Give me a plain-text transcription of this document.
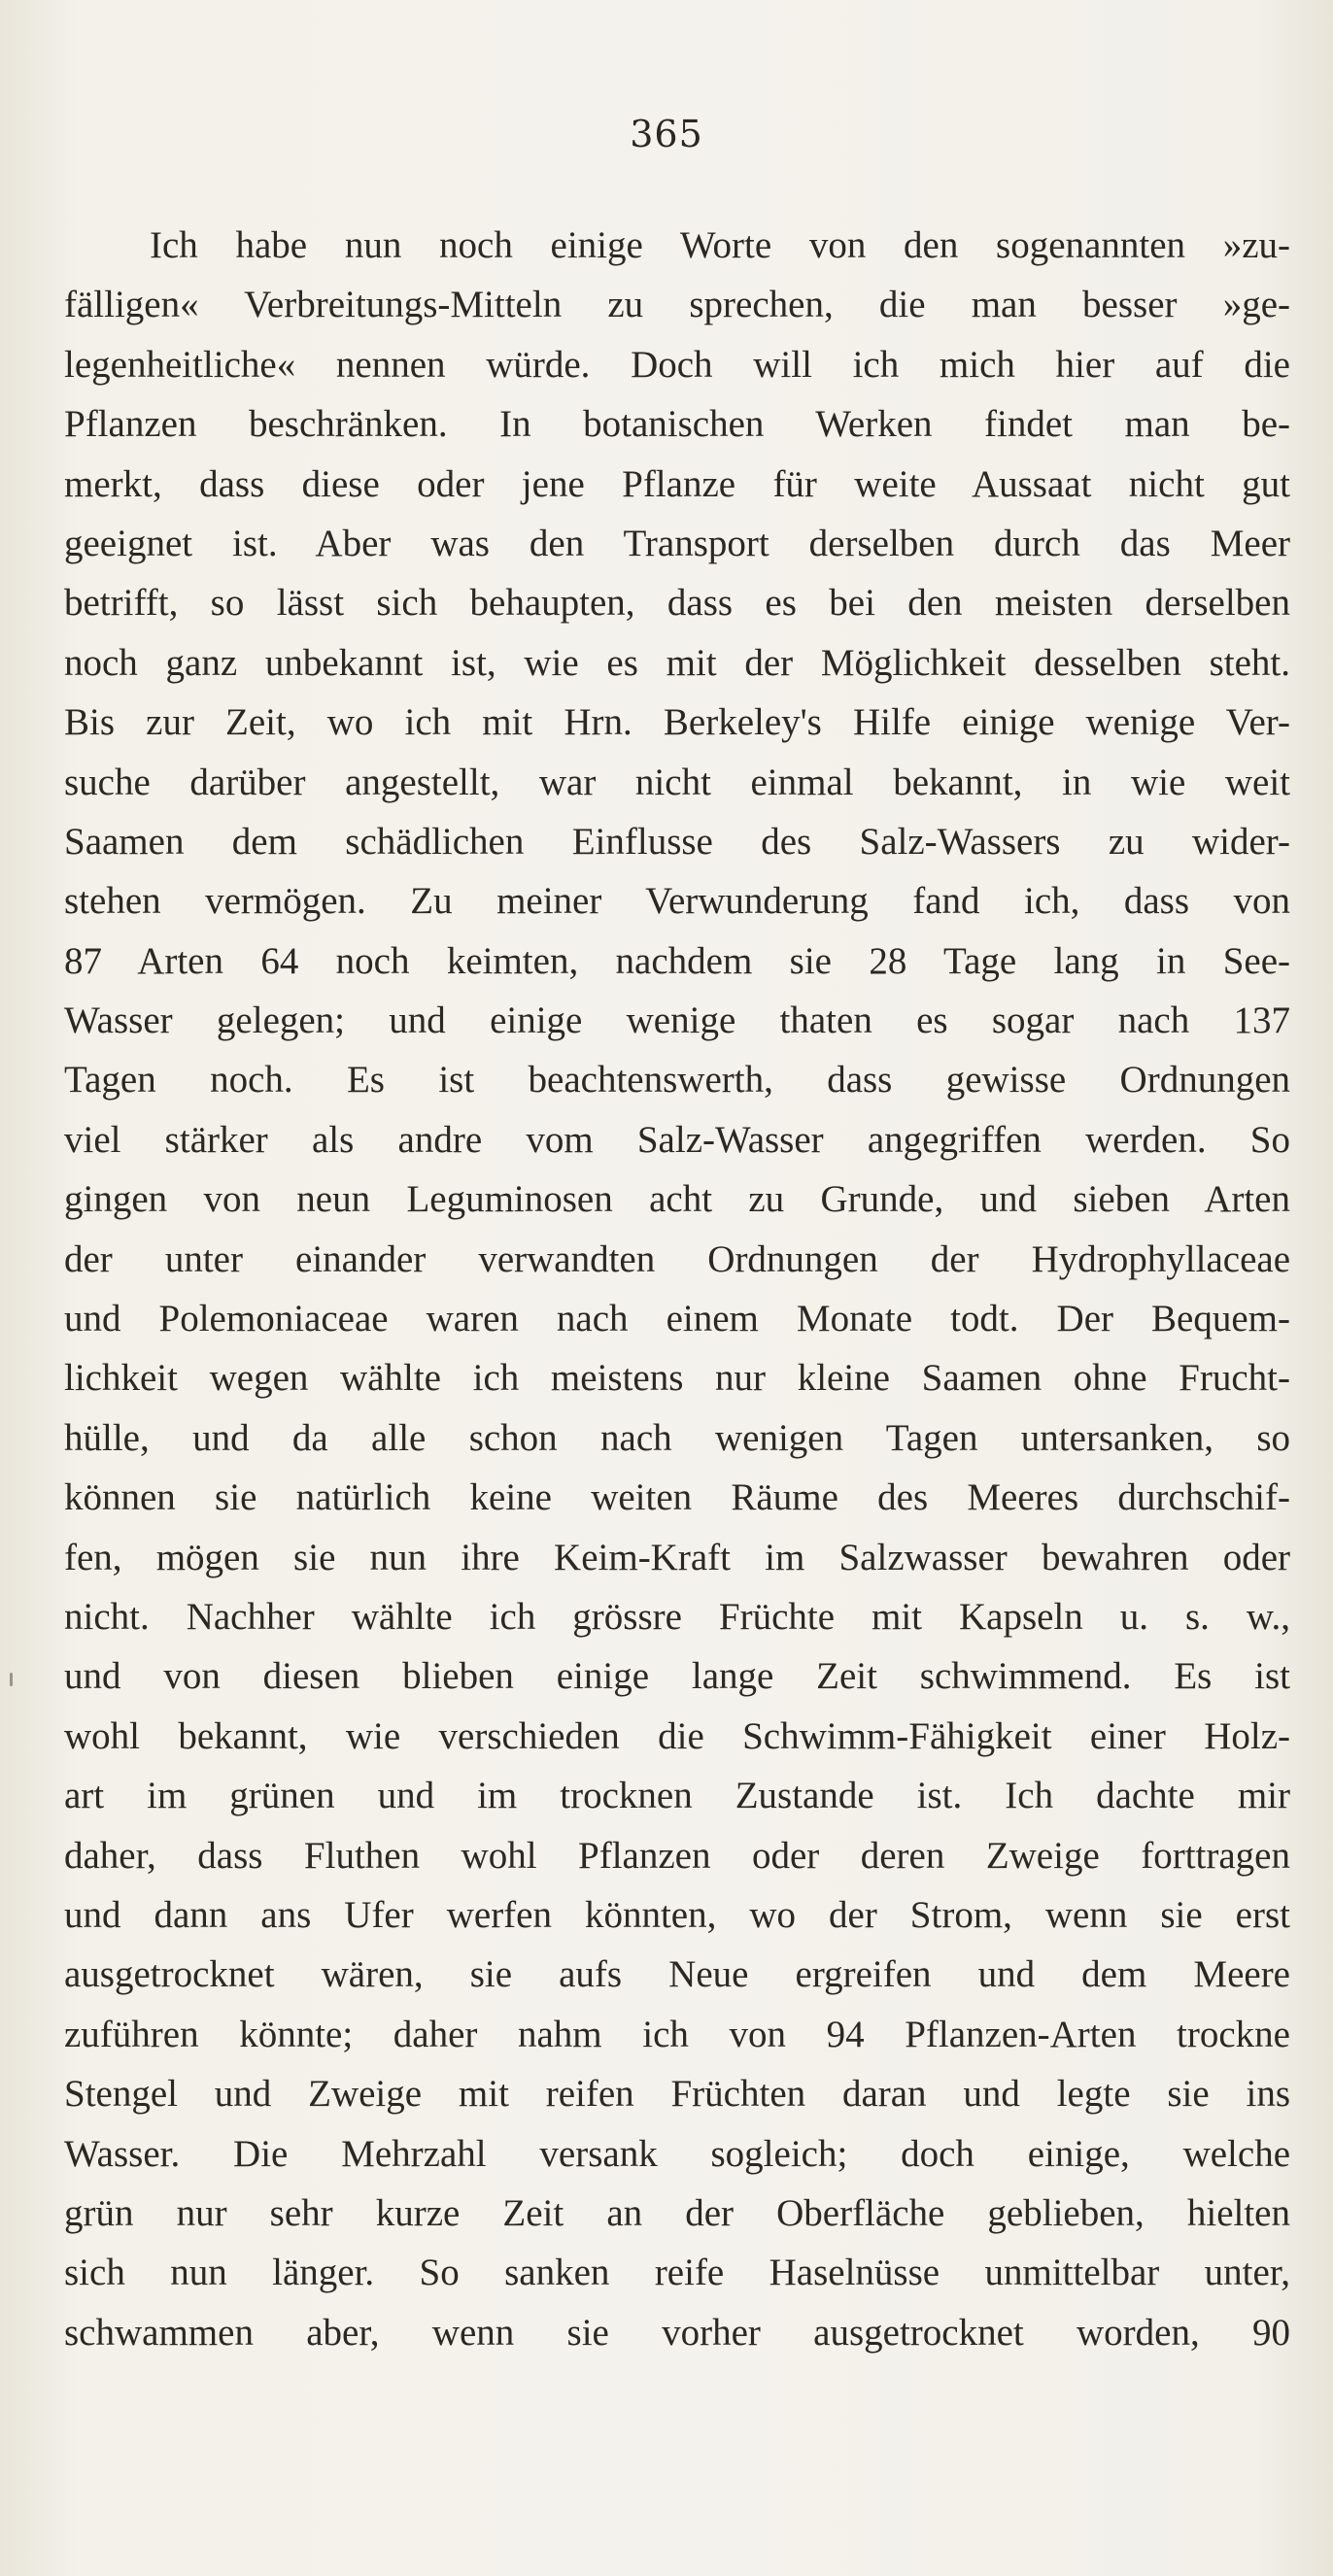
365
Ich habe nun noch einige Worte von den sogenannten »zu-
fälligen« Verbreitungs-Mitteln zu sprechen, die man besser »ge-
legenheitliche« nennen würde. Doch will ich mich hier auf die
Pflanzen beschränken. In botanischen Werken findet man be-
merkt, dass diese oder jene Pflanze für weite Aussaat nicht gut
geeignet ist. Aber was den Transport derselben durch das Meer
betrifft, so lässt sich behaupten, dass es bei den meisten derselben
noch ganz unbekannt ist, wie es mit der Möglichkeit desselben steht.
Bis zur Zeit, wo ich mit Hrn. Berkeley's Hilfe einige wenige Ver-
suche darüber angestellt, war nicht einmal bekannt, in wie weit
Saamen dem schädlichen Einflusse des Salz-Wassers zu wider-
stehen vermögen. Zu meiner Verwunderung fand ich, dass von
87 Arten 64 noch keimten, nachdem sie 28 Tage lang in See-
Wasser gelegen; und einige wenige thaten es sogar nach 137
Tagen noch. Es ist beachtenswerth, dass gewisse Ordnungen
viel stärker als andre vom Salz-Wasser angegriffen werden. So
gingen von neun Leguminosen acht zu Grunde, und sieben Arten
der unter einander verwandten Ordnungen der Hydrophyllaceae
und Polemoniaceae waren nach einem Monate todt. Der Bequem-
lichkeit wegen wählte ich meistens nur kleine Saamen ohne Frucht-
hülle, und da alle schon nach wenigen Tagen untersanken, so
können sie natürlich keine weiten Räume des Meeres durchschif-
fen, mögen sie nun ihre Keim-Kraft im Salzwasser bewahren oder
nicht. Nachher wählte ich grössre Früchte mit Kapseln u. s. w.,
und von diesen blieben einige lange Zeit schwimmend. Es ist
wohl bekannt, wie verschieden die Schwimm-Fähigkeit einer Holz-
art im grünen und im trocknen Zustande ist. Ich dachte mir
daher, dass Fluthen wohl Pflanzen oder deren Zweige forttragen
und dann ans Ufer werfen könnten, wo der Strom, wenn sie erst
ausgetrocknet wären, sie aufs Neue ergreifen und dem Meere
zuführen könnte; daher nahm ich von 94 Pflanzen-Arten trockne
Stengel und Zweige mit reifen Früchten daran und legte sie ins
Wasser. Die Mehrzahl versank sogleich; doch einige, welche
grün nur sehr kurze Zeit an der Oberfläche geblieben, hielten
sich nun länger. So sanken reife Haselnüsse unmittelbar unter,
schwammen aber, wenn sie vorher ausgetrocknet worden, 90
